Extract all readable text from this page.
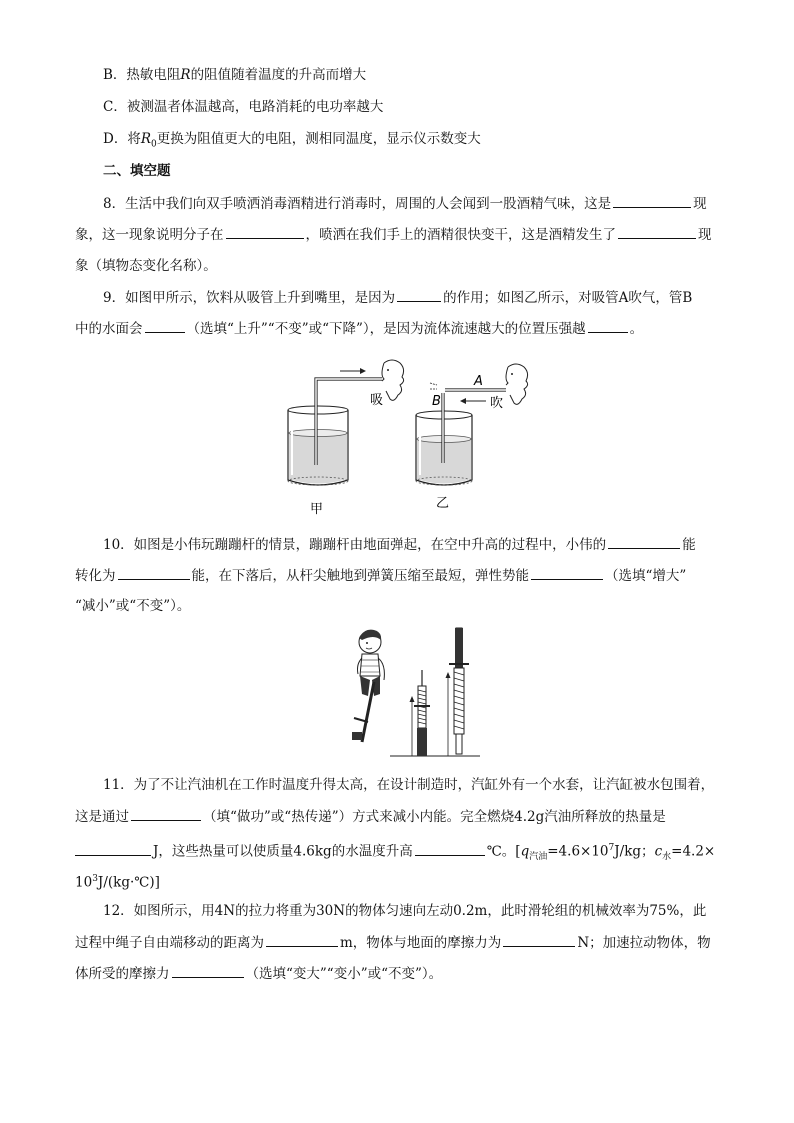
B．热敏电阻R的阻值随着温度的升高而增大
C．被测温者体温越高，电路消耗的电功率越大
D．将$R_0$更换为阻值更大的电阻，测相同温度，显示仪示数变大
二、填空题
8．生活中我们向双手喷洒消毒酒精进行消毒时，周围的人会闻到一股酒精气味，这是	现
象，这一现象说明分子在	，喷洒在我们手上的酒精很快变干，这是酒精发生了	现
象（填物态变化名称）。
9．如图甲所示，饮料从吸管上升到嘴里，是因为	的作用；如图乙所示，对吸管A吹气，管B
中的水面会	（选填“上升”“不变”或“下降”），是因为流体流速越大的位置压强越	。
吸
A
B	吹
甲	乙
10．如图是小伟玩蹦蹦杆的情景，蹦蹦杆由地面弹起，在空中升高的过程中，小伟的	能
转化为	能，在下落后，从杆尖触地到弹簧压缩至最短，弹性势能	（选填“增大”
“减小”或“不变”）。
11．为了不让汽油机在工作时温度升得太高，在设计制造时，汽缸外有一个水套，让汽缸被水包围着，
这是通过	（填“做功”或“热传递”）方式来减小内能。完全燃烧4.2g汽油所释放的热量是
J，这些热量可以使质量4.6kg的水温度升高	℃。[$q_{汽油}=4.6\times 10^7J/kg$；$c_水=4.2\times$
$10^3J/(kg\cdot℃)$]
12．如图所示，用4N的拉力将重为30N的物体匀速向左动0.2m，此时滑轮组的机械效率为75%，此
过程中绳子自由端移动的距离为	m，物体与地面的摩擦力为	N；加速拉动物体，物
体所受的摩擦力	（选填“变大”“变小”或“不变”）。
